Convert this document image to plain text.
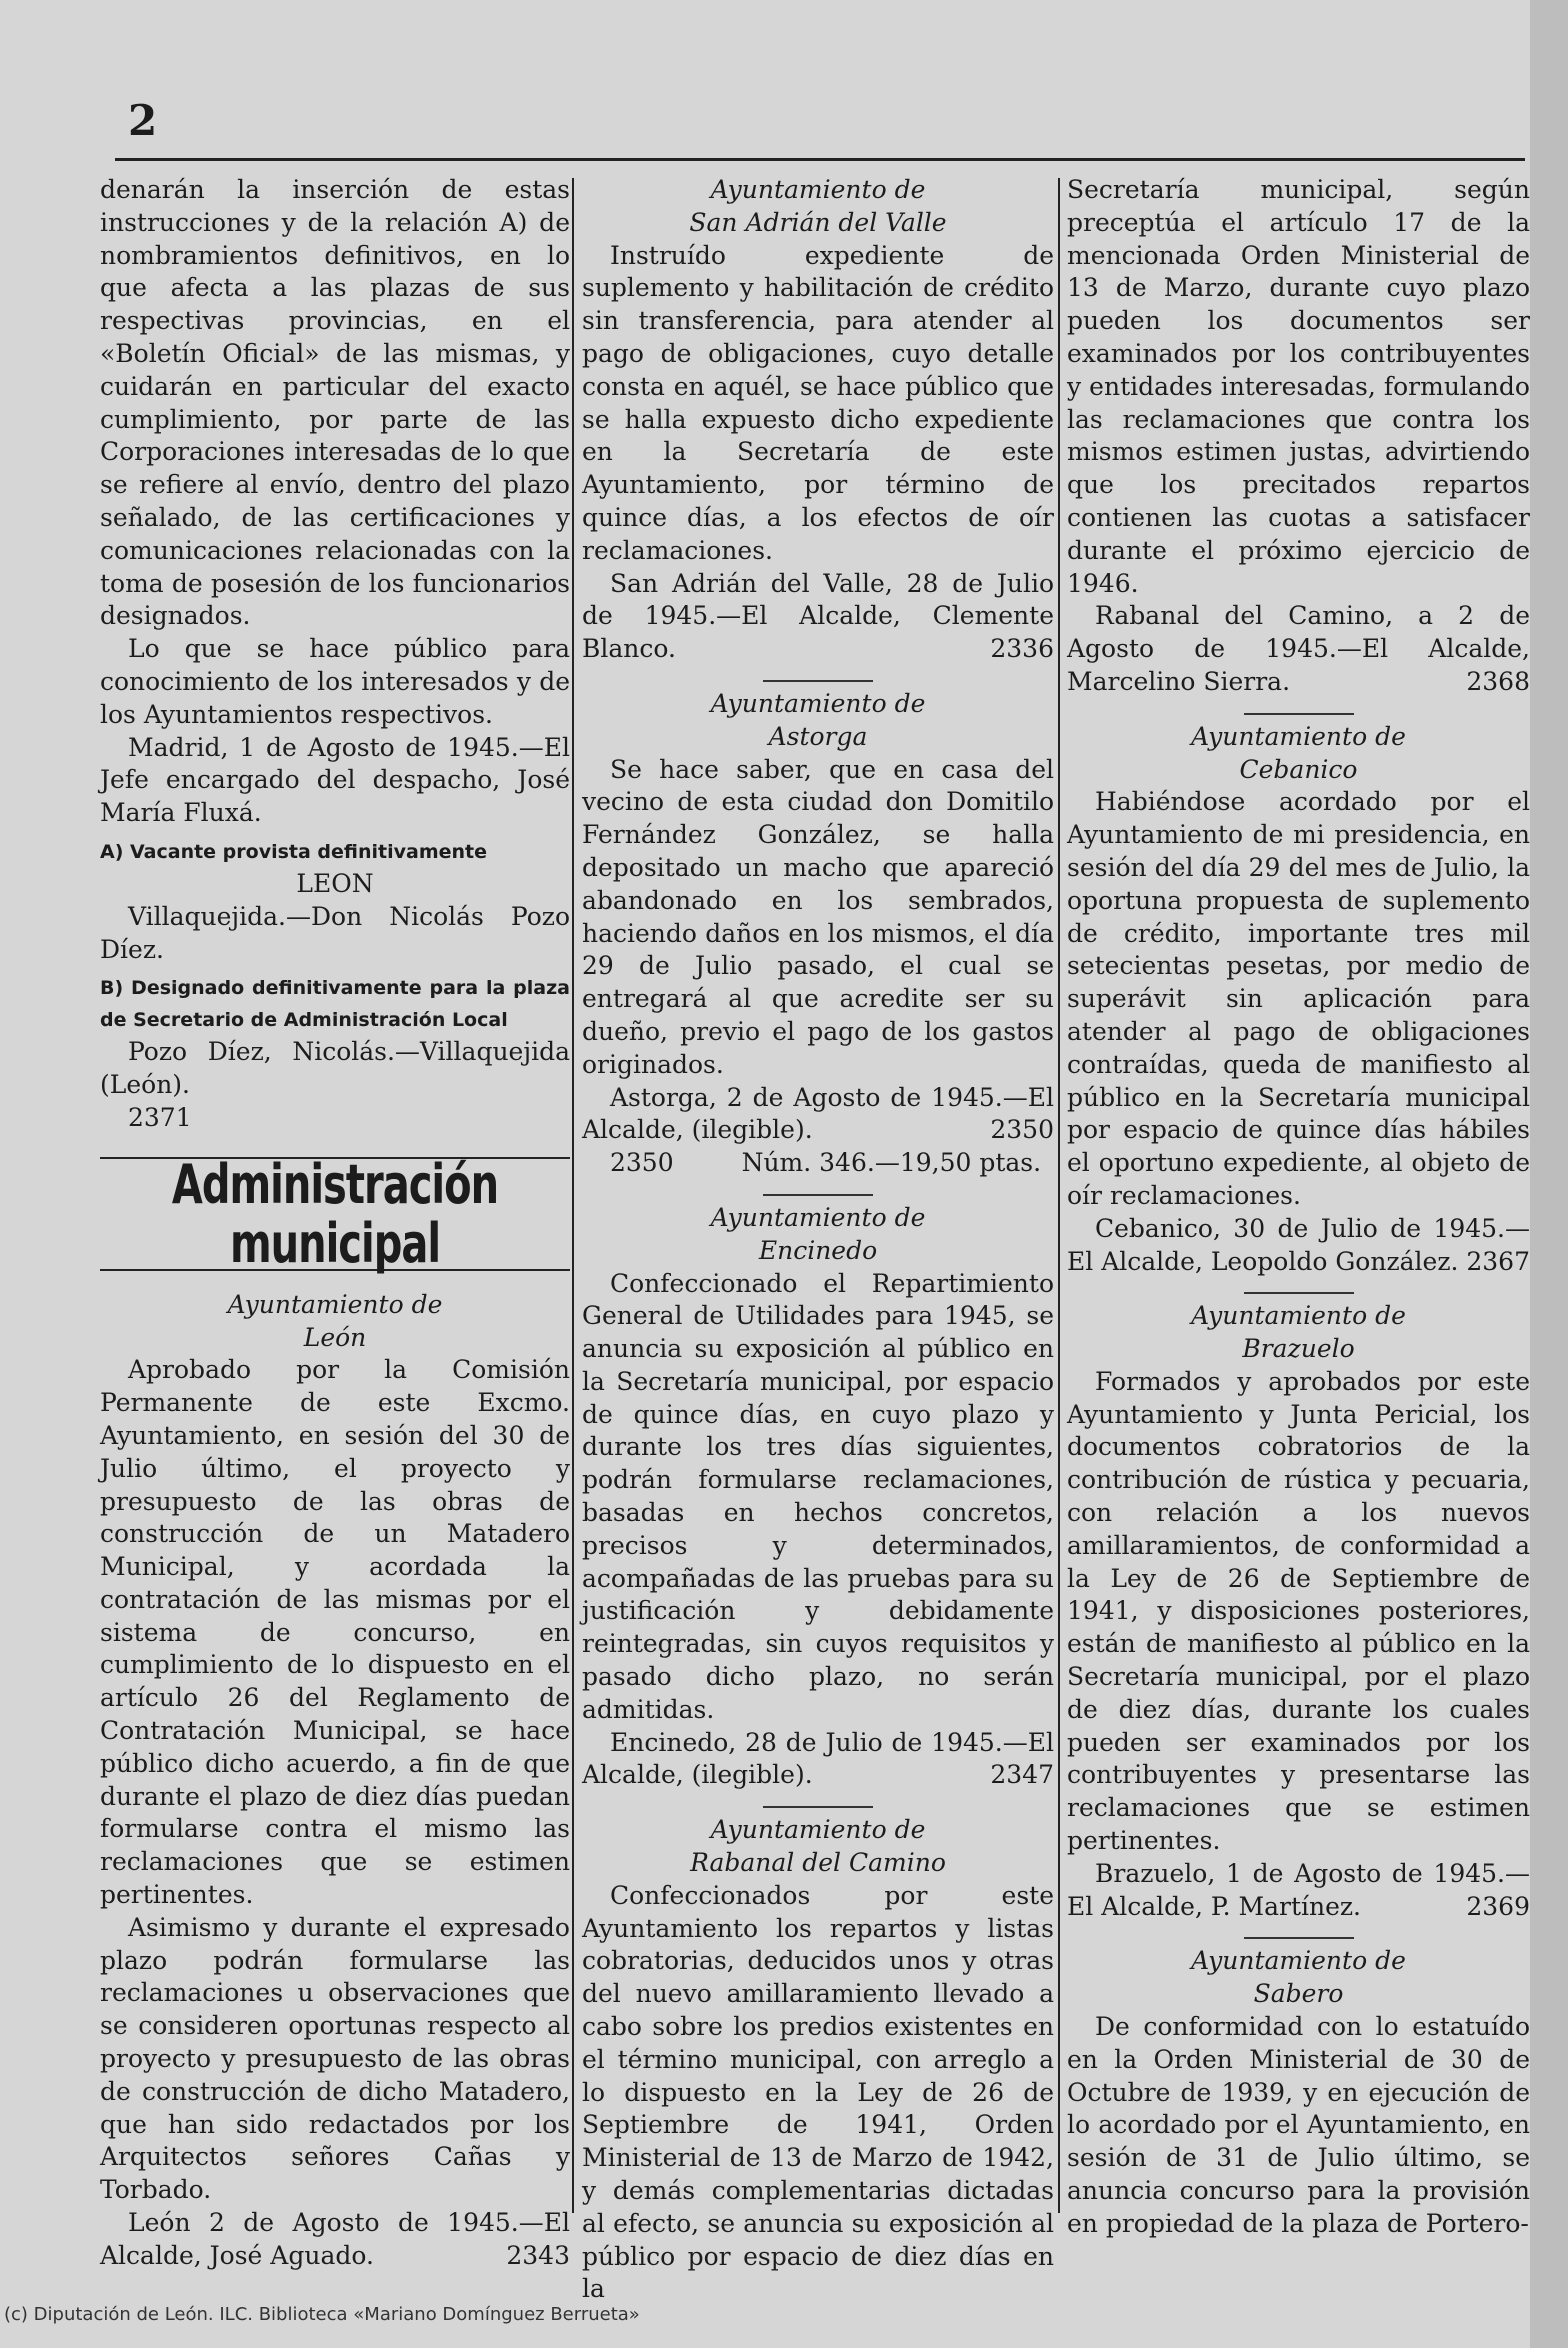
2

denarán la inserción de estas instrucciones y de la relación A) de nombramientos definitivos, en lo que afecta a las plazas de sus respectivas provincias, en el «Boletín Oficial» de las mismas, y cuidarán en particular del exacto cumplimiento, por parte de las Corporaciones interesadas de lo que se refiere al envío, dentro del plazo señalado, de las certificaciones y comunicaciones relacionadas con la toma de posesión de los funcionarios designados.

Lo que se hace público para conocimiento de los interesados y de los Ayuntamientos respectivos.

Madrid, 1 de Agosto de 1945.—El Jefe encargado del despacho, José María Fluxá.

A) Vacante provista definitivamente

LEON

Villaquejida.—Don Nicolás Pozo Díez.

B) Designado definitivamente para la plaza de Secretario de Administración Local

Pozo Díez, Nicolás.—Villaquejida (León).

2371

Administración municipal

Ayuntamiento de

León

Aprobado por la Comisión Permanente de este Excmo. Ayuntamiento, en sesión del 30 de Julio último, el proyecto y presupuesto de las obras de construcción de un Matadero Municipal, y acordada la contratación de las mismas por el sistema de concurso, en cumplimiento de lo dispuesto en el artículo 26 del Reglamento de Contratación Municipal, se hace público dicho acuerdo, a fin de que durante el plazo de diez días puedan formularse contra el mismo las reclamaciones que se estimen pertinentes.

Asimismo y durante el expresado plazo podrán formularse las reclamaciones u observaciones que se consideren oportunas respecto al proyecto y presupuesto de las obras de construcción de dicho Matadero, que han sido redactados por los Arquitectos señores Cañas y Torbado.

León 2 de Agosto de 1945.—El Alcalde, José Aguado.	2343

Ayuntamiento de

San Adrián del Valle

Instruído expediente de suplemento y habilitación de crédito sin transferencia, para atender al pago de obligaciones, cuyo detalle consta en aquél, se hace público que se halla expuesto dicho expediente en la Secretaría de este Ayuntamiento, por término de quince días, a los efectos de oír reclamaciones.

San Adrián del Valle, 28 de Julio de 1945.—El Alcalde, Clemente Blanco.	2336

Ayuntamiento de

Astorga

Se hace saber, que en casa del vecino de esta ciudad don Domitilo Fernández González, se halla depositado un macho que apareció abandonado en los sembrados, haciendo daños en los mismos, el día 29 de Julio pasado, el cual se entregará al que acredite ser su dueño, previo el pago de los gastos originados.

Astorga, 2 de Agosto de 1945.—El Alcalde, (ilegible).	2350

2350	Núm. 346.—19,50 ptas.

Ayuntamiento de

Encinedo

Confeccionado el Repartimiento General de Utilidades para 1945, se anuncia su exposición al público en la Secretaría municipal, por espacio de quince días, en cuyo plazo y durante los tres días siguientes, podrán formularse reclamaciones, basadas en hechos concretos, precisos y determinados, acompañadas de las pruebas para su justificación y debidamente reintegradas, sin cuyos requisitos y pasado dicho plazo, no serán admitidas.

Encinedo, 28 de Julio de 1945.—El Alcalde, (ilegible).	2347

Ayuntamiento de

Rabanal del Camino

Confeccionados por este Ayuntamiento los repartos y listas cobratorias, deducidos unos y otras del nuevo amillaramiento llevado a cabo sobre los predios existentes en el término municipal, con arreglo a lo dispuesto en la Ley de 26 de Septiembre de 1941, Orden Ministerial de 13 de Marzo de 1942, y demás complementarias dictadas al efecto, se anuncia su exposición al público por espacio de diez días en la

Secretaría municipal, según preceptúa el artículo 17 de la mencionada Orden Ministerial de 13 de Marzo, durante cuyo plazo pueden los documentos ser examinados por los contribuyentes y entidades interesadas, formulando las reclamaciones que contra los mismos estimen justas, advirtiendo que los precitados repartos contienen las cuotas a satisfacer durante el próximo ejercicio de 1946.

Rabanal del Camino, a 2 de Agosto de 1945.—El Alcalde, Marcelino Sierra.	2368

Ayuntamiento de

Cebanico

Habiéndose acordado por el Ayuntamiento de mi presidencia, en sesión del día 29 del mes de Julio, la oportuna propuesta de suplemento de crédito, importante tres mil setecientas pesetas, por medio de superávit sin aplicación para atender al pago de obligaciones contraídas, queda de manifiesto al público en la Secretaría municipal por espacio de quince días hábiles el oportuno expediente, al objeto de oír reclamaciones.

Cebanico, 30 de Julio de 1945.—El Alcalde, Leopoldo González. 2367

Ayuntamiento de

Brazuelo

Formados y aprobados por este Ayuntamiento y Junta Pericial, los documentos cobratorios de la contribución de rústica y pecuaria, con relación a los nuevos amillaramientos, de conformidad a la Ley de 26 de Septiembre de 1941, y disposiciones posteriores, están de manifiesto al público en la Secretaría municipal, por el plazo de diez días, durante los cuales pueden ser examinados por los contribuyentes y presentarse las reclamaciones que se estimen pertinentes.

Brazuelo, 1 de Agosto de 1945.—El Alcalde, P. Martínez.	2369

Ayuntamiento de

Sabero

De conformidad con lo estatuído en la Orden Ministerial de 30 de Octubre de 1939, y en ejecución de lo acordado por el Ayuntamiento, en sesión de 31 de Julio último, se anuncia concurso para la provisión en propiedad de la plaza de Portero-

(c) Diputación de León. ILC. Biblioteca «Mariano Domínguez Berrueta»
